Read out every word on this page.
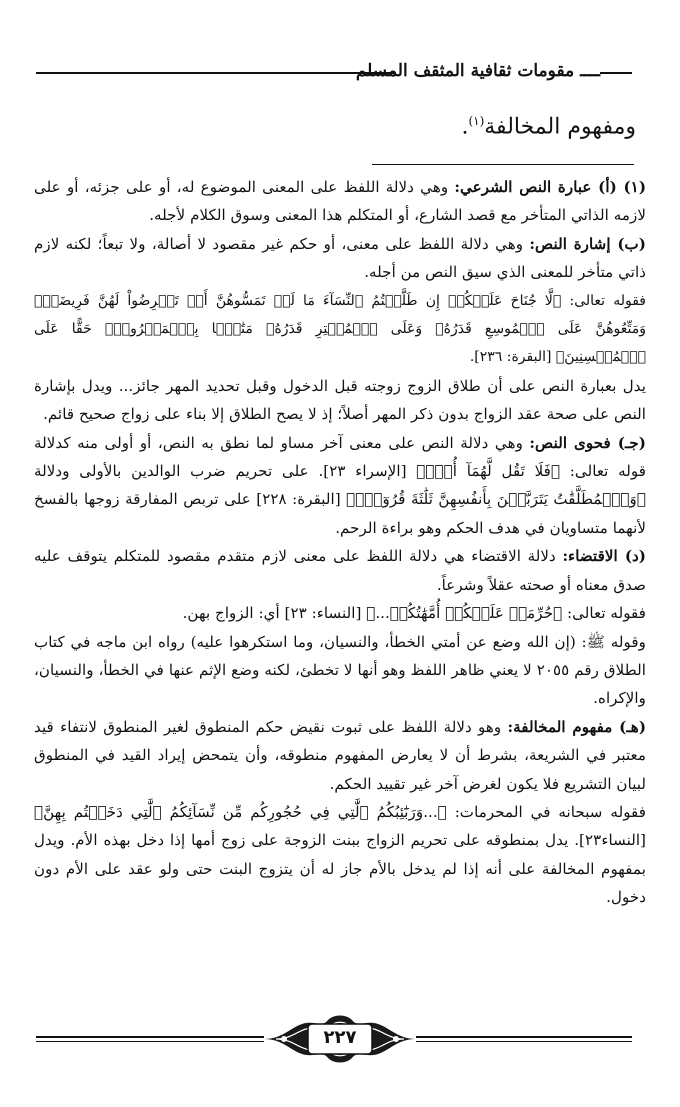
ــــ مقومات ثقافية المثقف المسلم
ومفهوم المخالفة$^{(١)}$.

(١) (أ) عبارة النص الشرعي: وهي دلالة اللفظ على المعنى الموضوع له، أو على جزئه، أو على لازمه الذاتي المتأخر مع قصد الشارع، أو المتكلم هذا المعنى وسوق الكلام لأجله.

(ب) إشارة النص: وهي دلالة اللفظ على معنى، أو حكم غير مقصود لا أصالة، ولا تبعاً؛ لكنه لازم ذاتي متأخر للمعنى الذي سيق النص من أجله.

فقوله تعالى: ﴿لَّا جُنَاحَ عَلَيۡكُمۡ إِن طَلَّقۡتُمُ ٱلنِّسَآءَ مَا لَمۡ تَمَسُّوهُنَّ أَوۡ تَفۡرِضُواْ لَهُنَّ فَرِيضَةٗۚ وَمَتِّعُوهُنَّ عَلَى ٱلۡمُوسِعِ قَدَرُهُۥ وَعَلَى ٱلۡمُقۡتِرِ قَدَرُهُۥ مَتَٰعَۢا بِٱلۡمَعۡرُوفِۖ حَقًّا عَلَى ٱلۡمُحۡسِنِينَ﴾ [البقرة: ٢٣٦].

يدل بعبارة النص على أن طلاق الزوج زوجته قبل الدخول وقبل تحديد المهر جائز... ويدل بإشارة النص على صحة عقد الزواج بدون ذكر المهر أصلاً؛ إذ لا يصح الطلاق إلا بناء على زواج صحيح قائم.

(جـ) فحوى النص: وهي دلالة النص على معنى آخر مساو لما نطق به النص، أو أولى منه كدلالة قوله تعالى: ﴿فَلَا تَقُل لَّهُمَآ أُفّٖ﴾ [الإسراء ٢٣]. على تحريم ضرب الوالدين بالأولى ودلالة ﴿وَٱلۡمُطَلَّقَٰتُ يَتَرَبَّصۡنَ بِأَنفُسِهِنَّ ثَلَٰثَةَ قُرُوٓءٖۚ﴾ [البقرة: ٢٢٨] على تربص المفارقة زوجها بالفسخ لأنهما متساويان في هدف الحكم وهو براءة الرحم.

(د) الاقتضاء: دلالة الاقتضاء هي دلالة اللفظ على معنى لازم متقدم مقصود للمتكلم يتوقف عليه صدق معناه أو صحته عقلاً وشرعاً.

فقوله تعالى: ﴿حُرِّمَتۡ عَلَيۡكُمۡ أُمَّهَٰتُكُمۡ...﴾ [النساء: ٢٣] أي: الزواج بهن.

وقوله ﷺ: (إن الله وضع عن أمتي الخطأ، والنسيان، وما استكرهوا عليه) رواه ابن ماجه في كتاب الطلاق رقم ٢٠٥٥ لا يعني ظاهر اللفظ وهو أنها لا تخطئ، لكنه وضع الإثم عنها في الخطأ، والنسيان، والإكراه.

(هـ) مفهوم المخالفة: وهو دلالة اللفظ على ثبوت نقيض حكم المنطوق لغير المنطوق لانتفاء قيد معتبر في الشريعة، بشرط أن لا يعارض المفهوم منطوقه، وأن يتمحض إيراد القيد في المنطوق لبيان التشريع فلا يكون لغرض آخر غير تقييد الحكم.

فقوله سبحانه في المحرمات: ﴿...وَرَبَٰٓئِبُكُمُ ٱلَّٰتِي فِي حُجُورِكُم مِّن نِّسَآئِكُمُ ٱلَّٰتِي دَخَلۡتُم بِهِنَّ﴾ [النساء٢٣]. يدل بمنطوقه على تحريم الزواج ببنت الزوجة على زوج أمها إذا دخل بهذه الأم. ويدل بمفهوم المخالفة على أنه إذا لم يدخل بالأم جاز له أن يتزوج البنت حتى ولو عقد على الأم دون دخول.

٢٢٧
